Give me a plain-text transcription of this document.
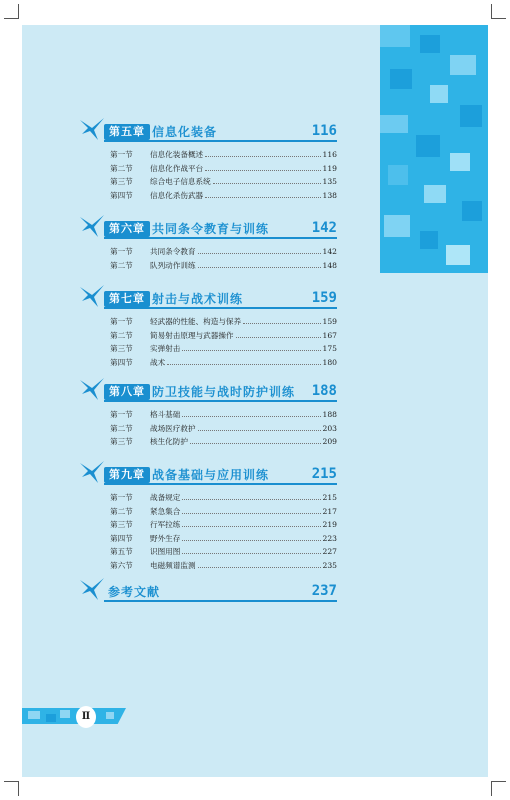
第五章 信息化装备	116
第一节	信息化装备概述	116
第二节	信息化作战平台	119
第三节	综合电子信息系统	135
第四节	信息化杀伤武器	138
第六章 共同条令教育与训练	142
第一节	共同条令教育	142
第二节	队列动作训练	148
第七章 射击与战术训练	159
第一节	轻武器的性能、构造与保养	159
第二节	简易射击原理与武器操作	167
第三节	实弹射击	175
第四节	战术	180
第八章 防卫技能与战时防护训练 188
第一节	格斗基础	188
第二节	战场医疗救护	203
第三节	核生化防护	209
第九章 战备基础与应用训练	215
第一节	战备规定	215
第二节	紧急集合	217
第三节	行军拉练	219
第四节	野外生存	223
第五节	识图用图	227
第六节	电磁频谱监测	235
参考文献	237
Ⅱ
